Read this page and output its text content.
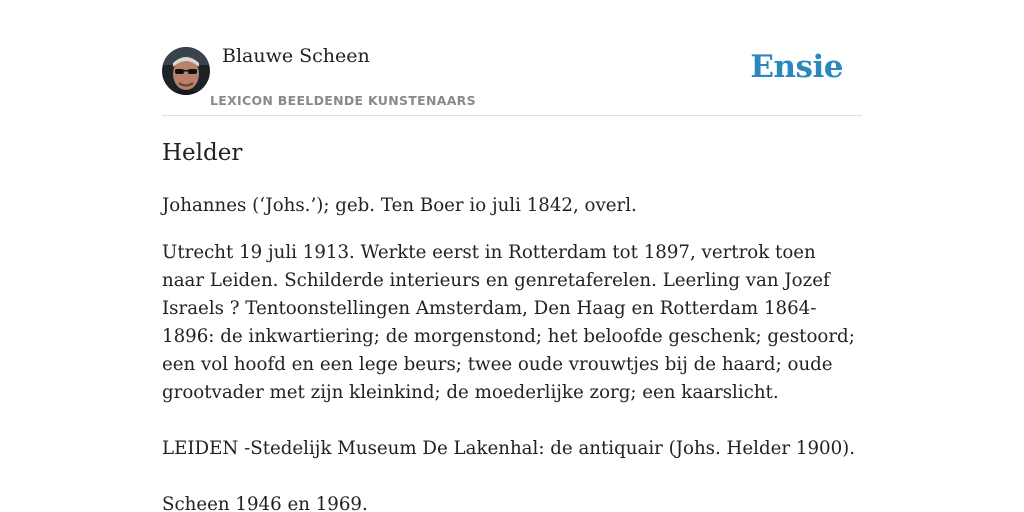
Blauwe Scheen
LEXICON BEELDENDE KUNSTENAARS
Ensie
Helder

Johannes (‘Johs.’); geb. Ten Boer io juli 1842, overl.

Utrecht 19 juli 1913. Werkte eerst in Rotterdam tot 1897, vertrok toen naar Leiden. Schilderde interieurs en genretaferelen. Leerling van Jozef Israels ? Tentoonstellingen Amsterdam, Den Haag en Rotterdam 1864-1896: de inkwartiering; de morgenstond; het beloofde geschenk; gestoord; een vol hoofd en een lege beurs; twee oude vrouwtjes bij de haard; oude grootvader met zijn kleinkind; de moederlijke zorg; een kaarslicht.

LEIDEN -Stedelijk Museum De Lakenhal: de antiquair (Johs. Helder 1900).

Scheen 1946 en 1969.
